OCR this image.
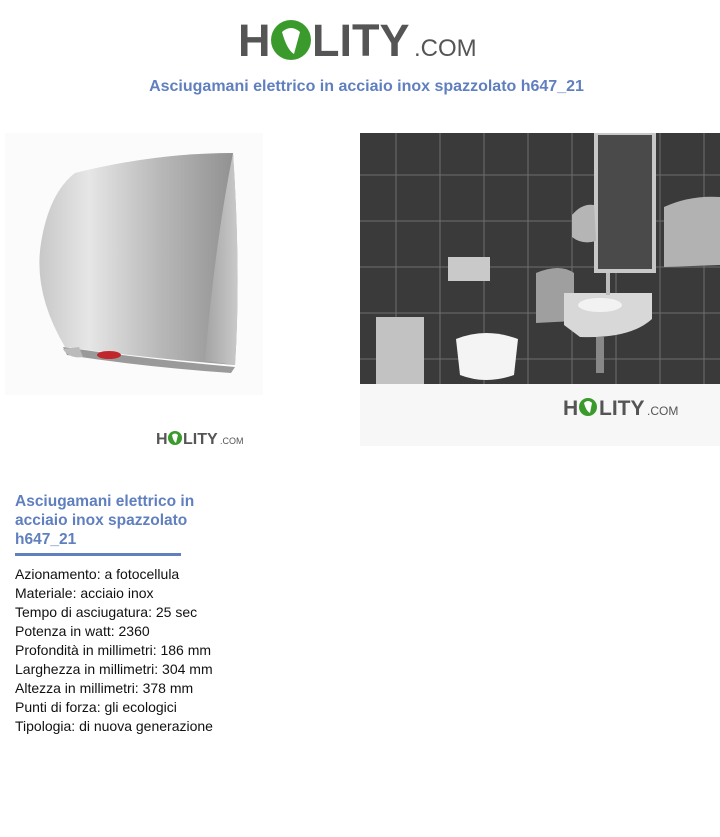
H LITY .COM
Asciugamani elettrico in acciaio inox spazzolato h647_21
H LITY .COM
H LITY .COM
Asciugamani elettrico in
acciaio inox spazzolato
h647_21
Azionamento: a fotocellula
Materiale: acciaio inox
Tempo di asciugatura: 25 sec
Potenza in watt: 2360
Profondità in millimetri: 186 mm
Larghezza in millimetri: 304 mm
Altezza in millimetri: 378 mm
Punti di forza: gli ecologici
Tipologia: di nuova generazione
